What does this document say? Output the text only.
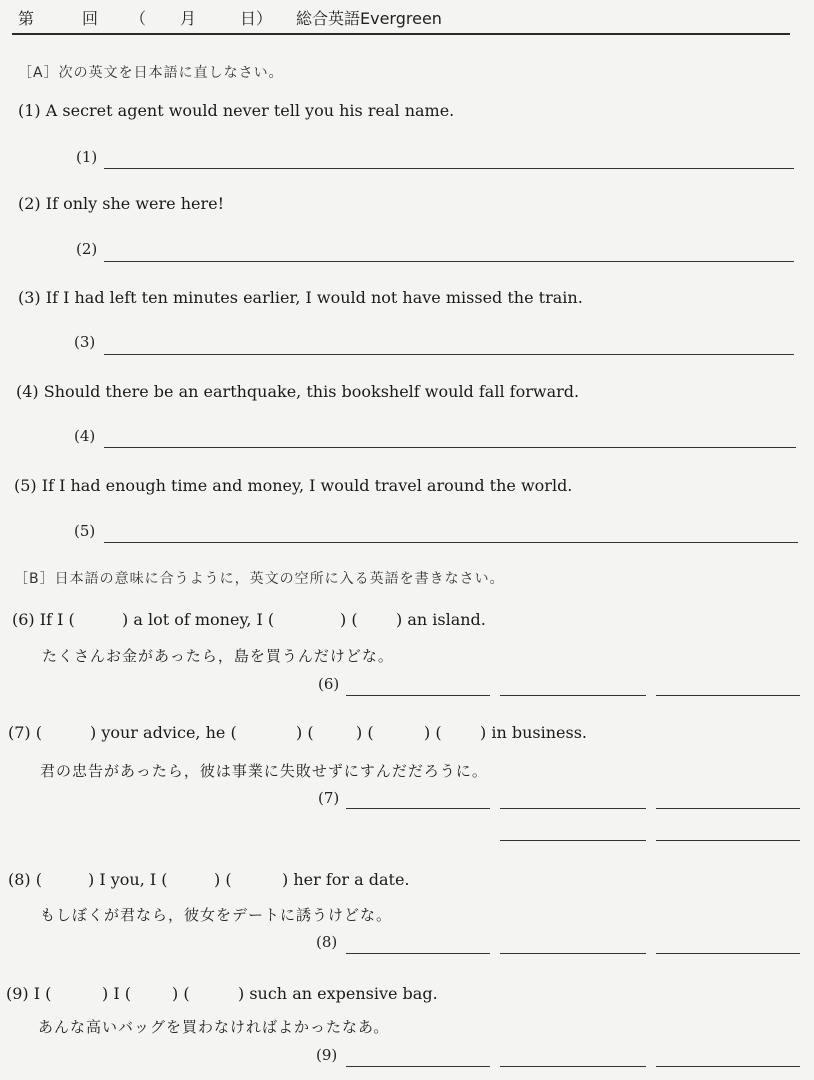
第	回 （ 月	日） 総合英語Evergreen
［A］次の英文を日本語に直しなさい。
(1) A secret agent would never tell you his real name.
(1)
(2) If only she were here!
(2)
(3) If I had left ten minutes earlier, I would not have missed the train.
(3)
(4) Should there be an earthquake, this bookshelf would fall forward.
(4)
(5) If I had enough time and money, I would travel around the world.
(5)
［B］日本語の意味に合うように，英文の空所に入る英語を書きなさい。
(6) If I (	) a lot of money, I (	) ( ) an island.
たくさんお金があったら，島を買うんだけどな。
(6)
(7) (	) your advice, he (	) (	) (	) ( ) in business.
君の忠告があったら，彼は事業に失敗せずにすんだだろうに。
(7)
(8) (	) I you, I (	) (	) her for a date.
もしぼくが君なら，彼女をデートに誘うけどな。
(8)
(9) I (	) I (	) (	) such an expensive bag.
あんな高いバッグを買わなければよかったなあ。
(9)
